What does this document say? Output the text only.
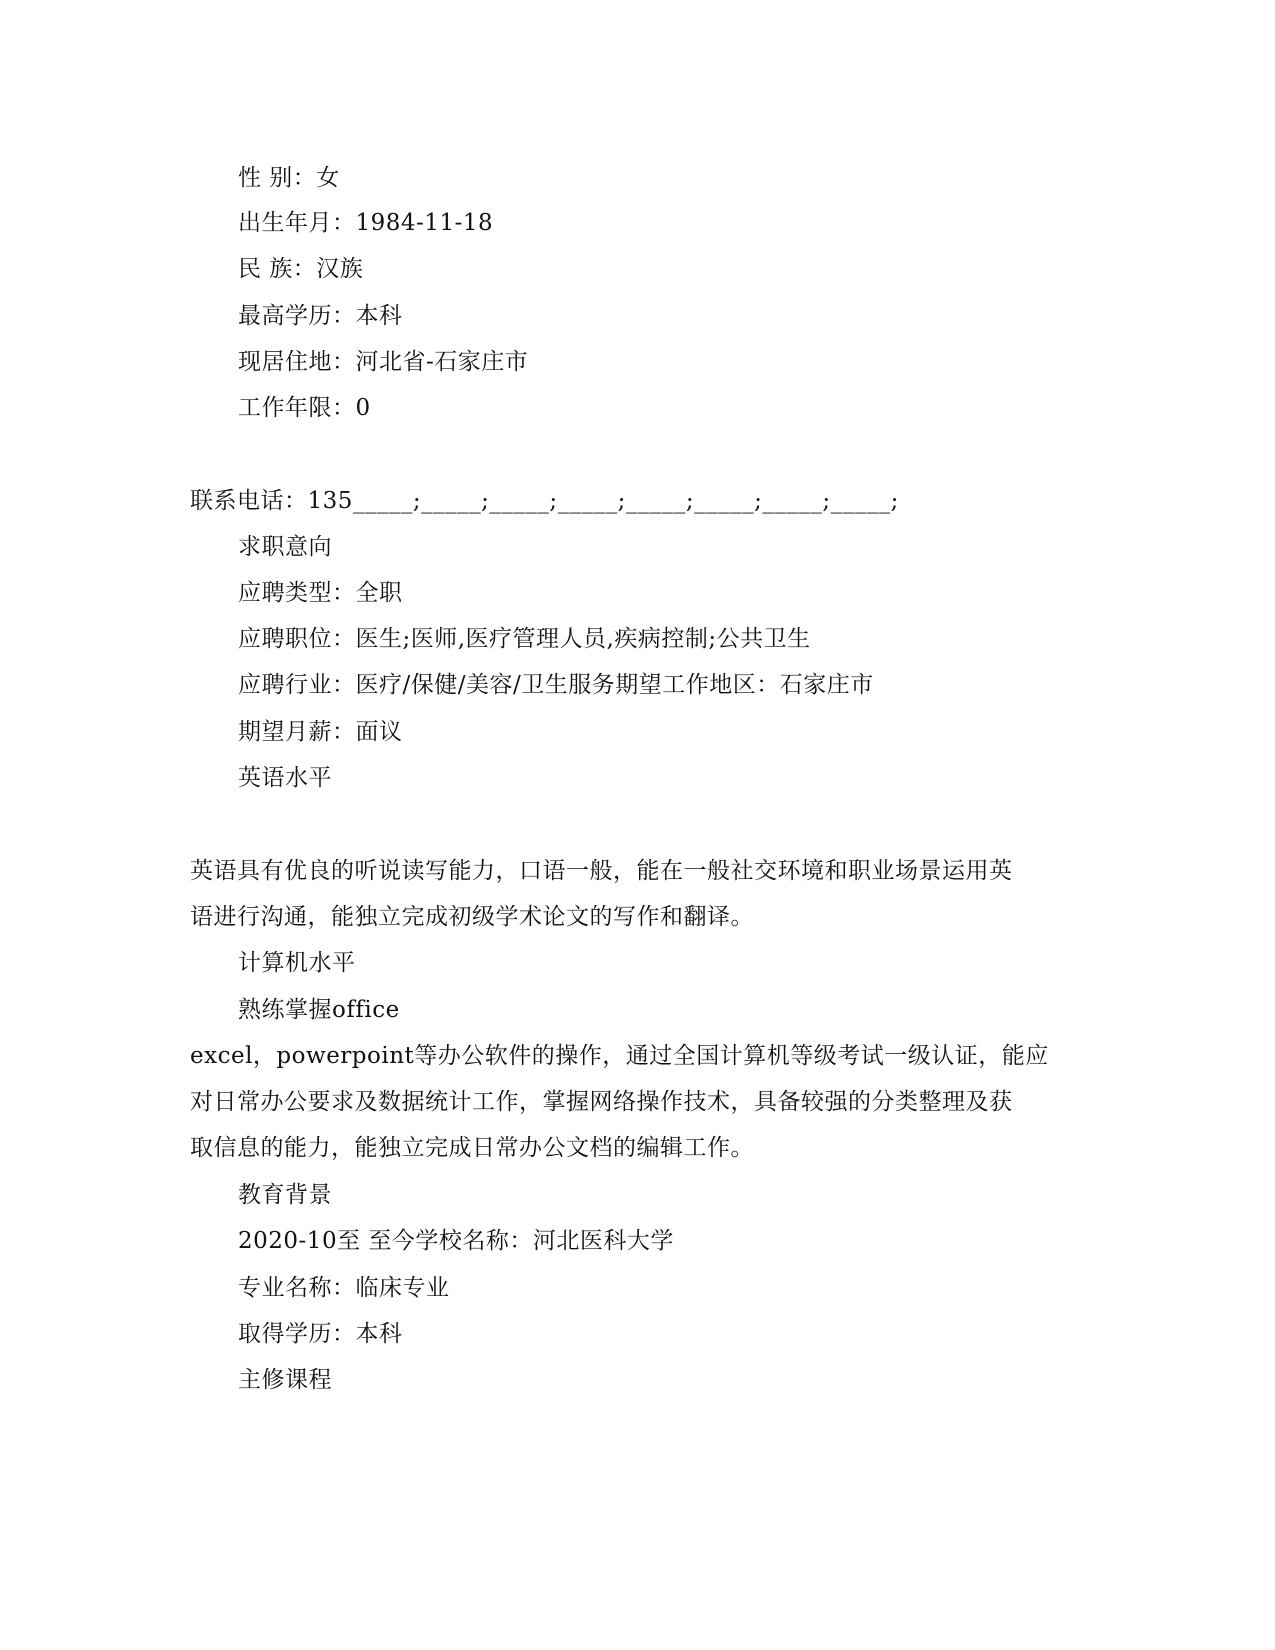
性 别：女
出生年月：1984-11-18
民 族：汉族
最高学历：本科
现居住地：河北省-石家庄市
工作年限：0
联系电话：135_____;_____;_____;_____;_____;_____;_____;_____;
求职意向
应聘类型：全职
应聘职位：医生;医师,医疗管理人员,疾病控制;公共卫生
应聘行业：医疗/保健/美容/卫生服务期望工作地区：石家庄市
期望月薪：面议
英语水平
英语具有优良的听说读写能力，口语一般，能在一般社交环境和职业场景运用英
语进行沟通，能独立完成初级学术论文的写作和翻译。
计算机水平
熟练掌握office
excel，powerpoint等办公软件的操作，通过全国计算机等级考试一级认证，能应
对日常办公要求及数据统计工作，掌握网络操作技术，具备较强的分类整理及获
取信息的能力，能独立完成日常办公文档的编辑工作。
教育背景
2020-10至 至今学校名称：河北医科大学
专业名称：临床专业
取得学历：本科
主修课程
